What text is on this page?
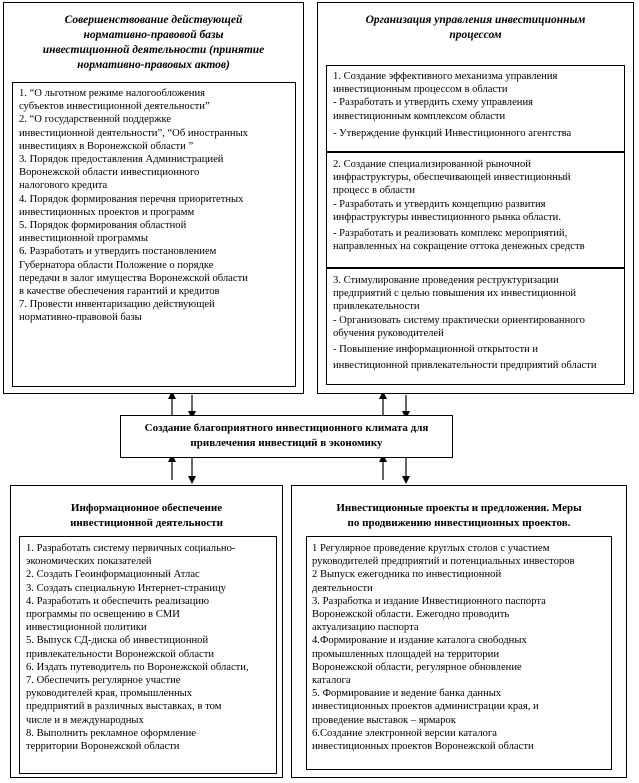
Совершенствование действующей
нормативно-правовой базы
инвестиционной деятельности (принятие
нормативно-правовых актов)
1. “О льготном режиме налогообложения
субъектов инвестиционной деятельности”
2. “О государственной поддержке
инвестиционной деятельности”, “Об иностранных
инвестициях в Воронежской области ”
3. Порядок предоставления Администрацией
Воронежской области инвестиционного
налогового кредита
4. Порядок формирования перечня приоритетных
инвестиционных проектов и программ
5. Порядок формирования областной
инвестиционной программы
6. Разработать и утвердить постановлением
Губернатора области Положение о порядке
передачи в залог имущества Воронежской области
в качестве обеспечения гарантий и кредитов
7. Провести инвентаризацию действующей
нормативно-правовой базы
Организация управления инвестиционным
процессом
1. Создание эффективного механизма управления
инвестиционным процессом в области
- Разработать и утвердить схему управления
инвестиционным комплексом области
- Утверждение функций Инвестиционного агентства
2. Создание специализированной рыночной
инфраструктуры, обеспечивающей инвестиционный
процесс в области
- Разработать и утвердить концепцию развития
инфраструктуры инвестиционного рынка области.
- Разработать и реализовать комплекс мероприятий,
направленных на сокращение оттока денежных средств
3. Стимулирование проведения реструктуризации
предприятий с целью повышения их инвестиционной
привлекательности
- Организовать систему практически ориентированного
обучения руководителей
- Повышение информационной открытости и
инвестиционной привлекательности предприятий области
Создание благоприятного инвестиционного климата для
привлечения инвестиций в экономику
Информационное обеспечение
инвестиционной деятельности
1. Разработать систему первичных социально-
экономических показателей
2. Создать Геоинформационный Атлас
3. Создать специальную Интернет-страницу
4. Разработать и обеспечить реализацию
программы по освещению в СМИ
инвестиционной политики
5. Выпуск СД-диска об инвестиционной
привлекательности Воронежской области
6. Издать путеводитель по Воронежской области,
7. Обеспечить регулярное участие
руководителей края, промышленных
предприятий в различных выставках, в том
числе и в международных
8. Выполнить рекламное оформление
территории Воронежской области
Инвестиционные проекты и предложения. Меры
по продвижению инвестиционных проектов.
1 Регулярное проведение круглых столов с участием
руководителей предприятий и потенциальных инвесторов
2 Выпуск ежегодника по инвестиционной
деятельности
3. Разработка и издание Инвестиционного паспорта
Воронежской области. Ежегодно проводить
актуализацию паспорта
4.Формирование и издание каталога свободных
промышленных площадей на территории
Воронежской области, регулярное обновление
каталога
5. Формирование и ведение банка данных
инвестиционных проектов администрации края, и
проведение выставок – ярмарок
6.Создание электронной версии каталога
инвестиционных проектов Воронежской области
